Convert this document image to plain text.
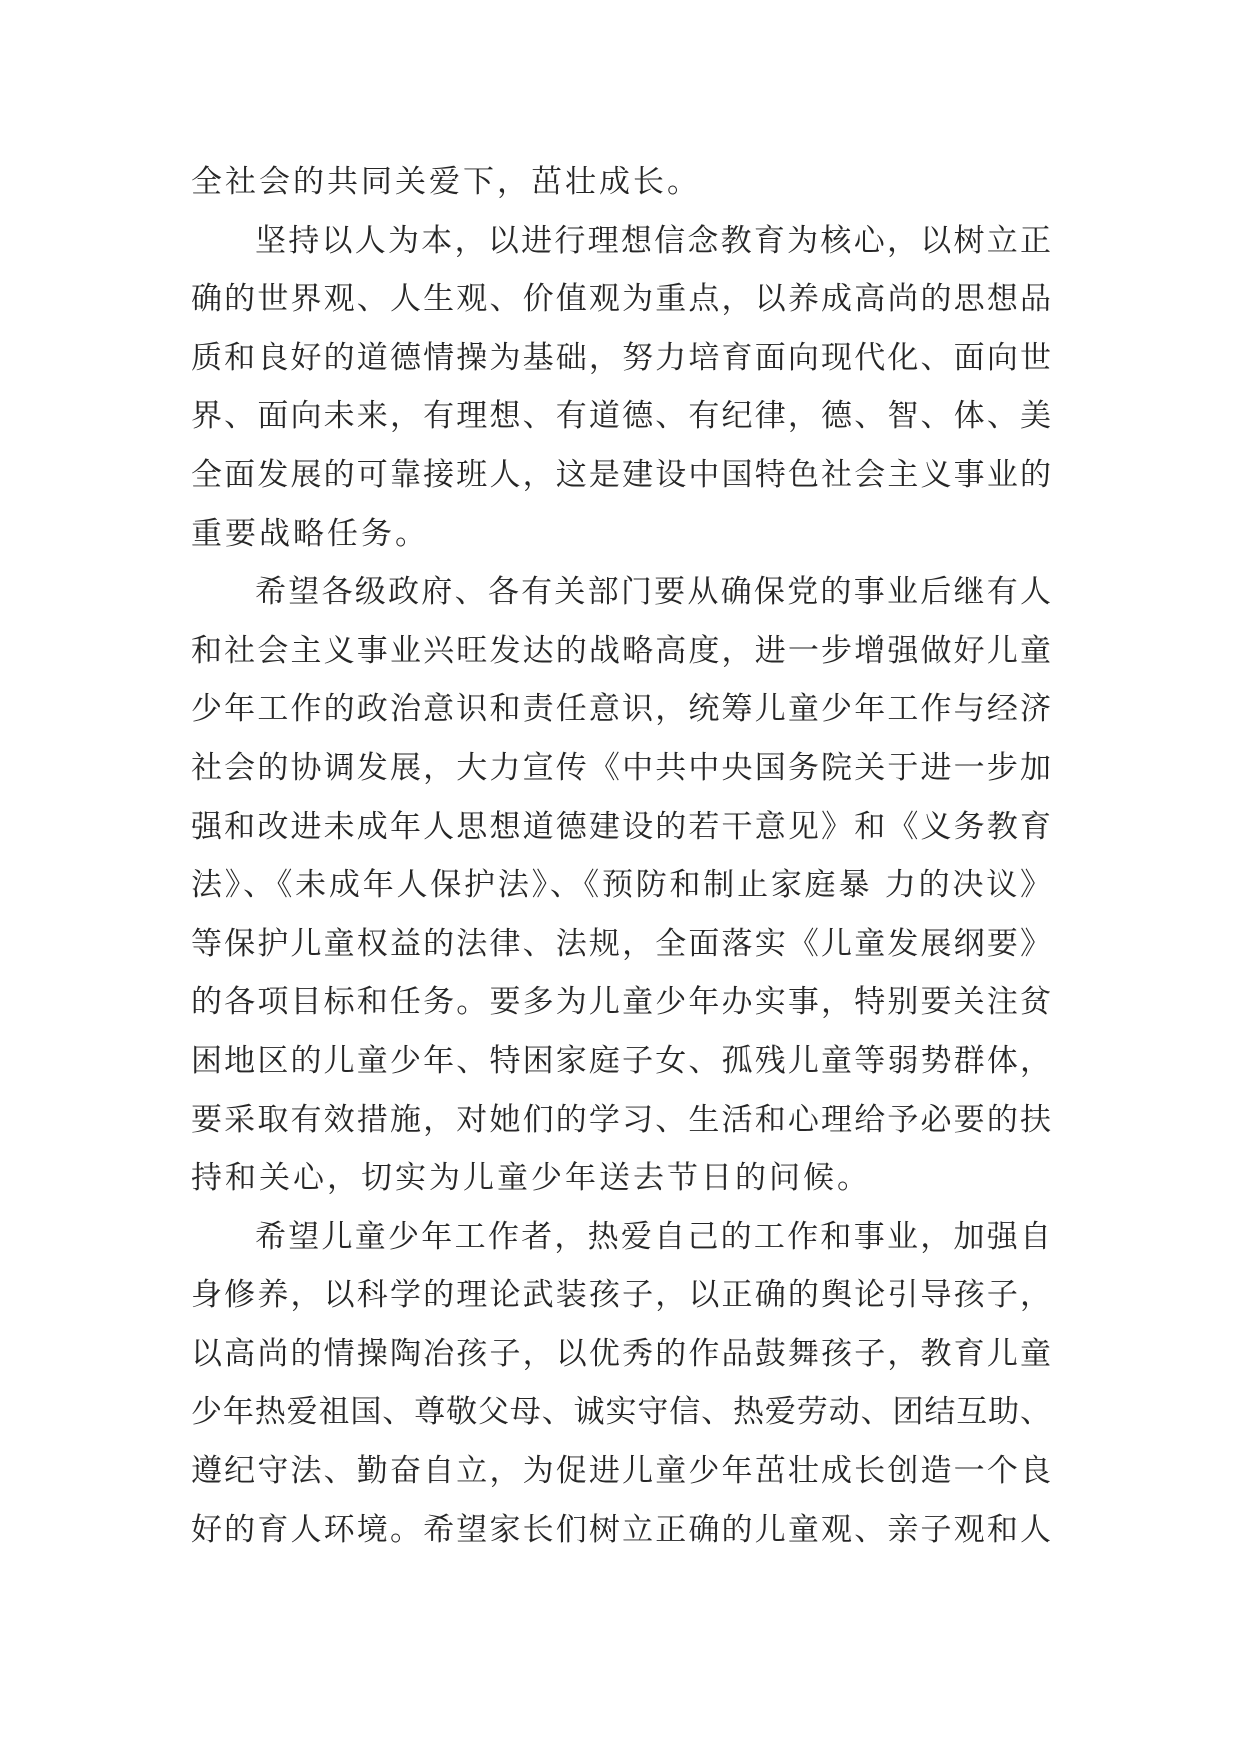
全社会的共同关爱下，茁壮成长。
坚持以人为本，以进行理想信念教育为核心，以树立正
确的世界观、人生观、价值观为重点，以养成高尚的思想品
质和良好的道德情操为基础，努力培育面向现代化、面向世
界、面向未来，有理想、有道德、有纪律，德、智、体、美
全面发展的可靠接班人，这是建设中国特色社会主义事业的
重要战略任务。
希望各级政府、各有关部门要从确保党的事业后继有人
和社会主义事业兴旺发达的战略高度，进一步增强做好儿童
少年工作的政治意识和责任意识，统筹儿童少年工作与经济
社会的协调发展，大力宣传《中共中央国务院关于进一步加
强和改进未成年人思想道德建设的若干意见》和《义务教育
法》、《未成年人保护法》、《预防和制止家庭暴 力的决议》
等保护儿童权益的法律、法规，全面落实《儿童发展纲要》
的各项目标和任务。要多为儿童少年办实事，特别要关注贫
困地区的儿童少年、特困家庭子女、孤残儿童等弱势群体，
要采取有效措施，对她们的学习、生活和心理给予必要的扶
持和关心，切实为儿童少年送去节日的问候。
希望儿童少年工作者，热爱自己的工作和事业，加强自
身修养，以科学的理论武装孩子，以正确的舆论引导孩子，
以高尚的情操陶冶孩子，以优秀的作品鼓舞孩子，教育儿童
少年热爱祖国、尊敬父母、诚实守信、热爱劳动、团结互助、
遵纪守法、勤奋自立，为促进儿童少年茁壮成长创造一个良
好的育人环境。希望家长们树立正确的儿童观、亲子观和人
